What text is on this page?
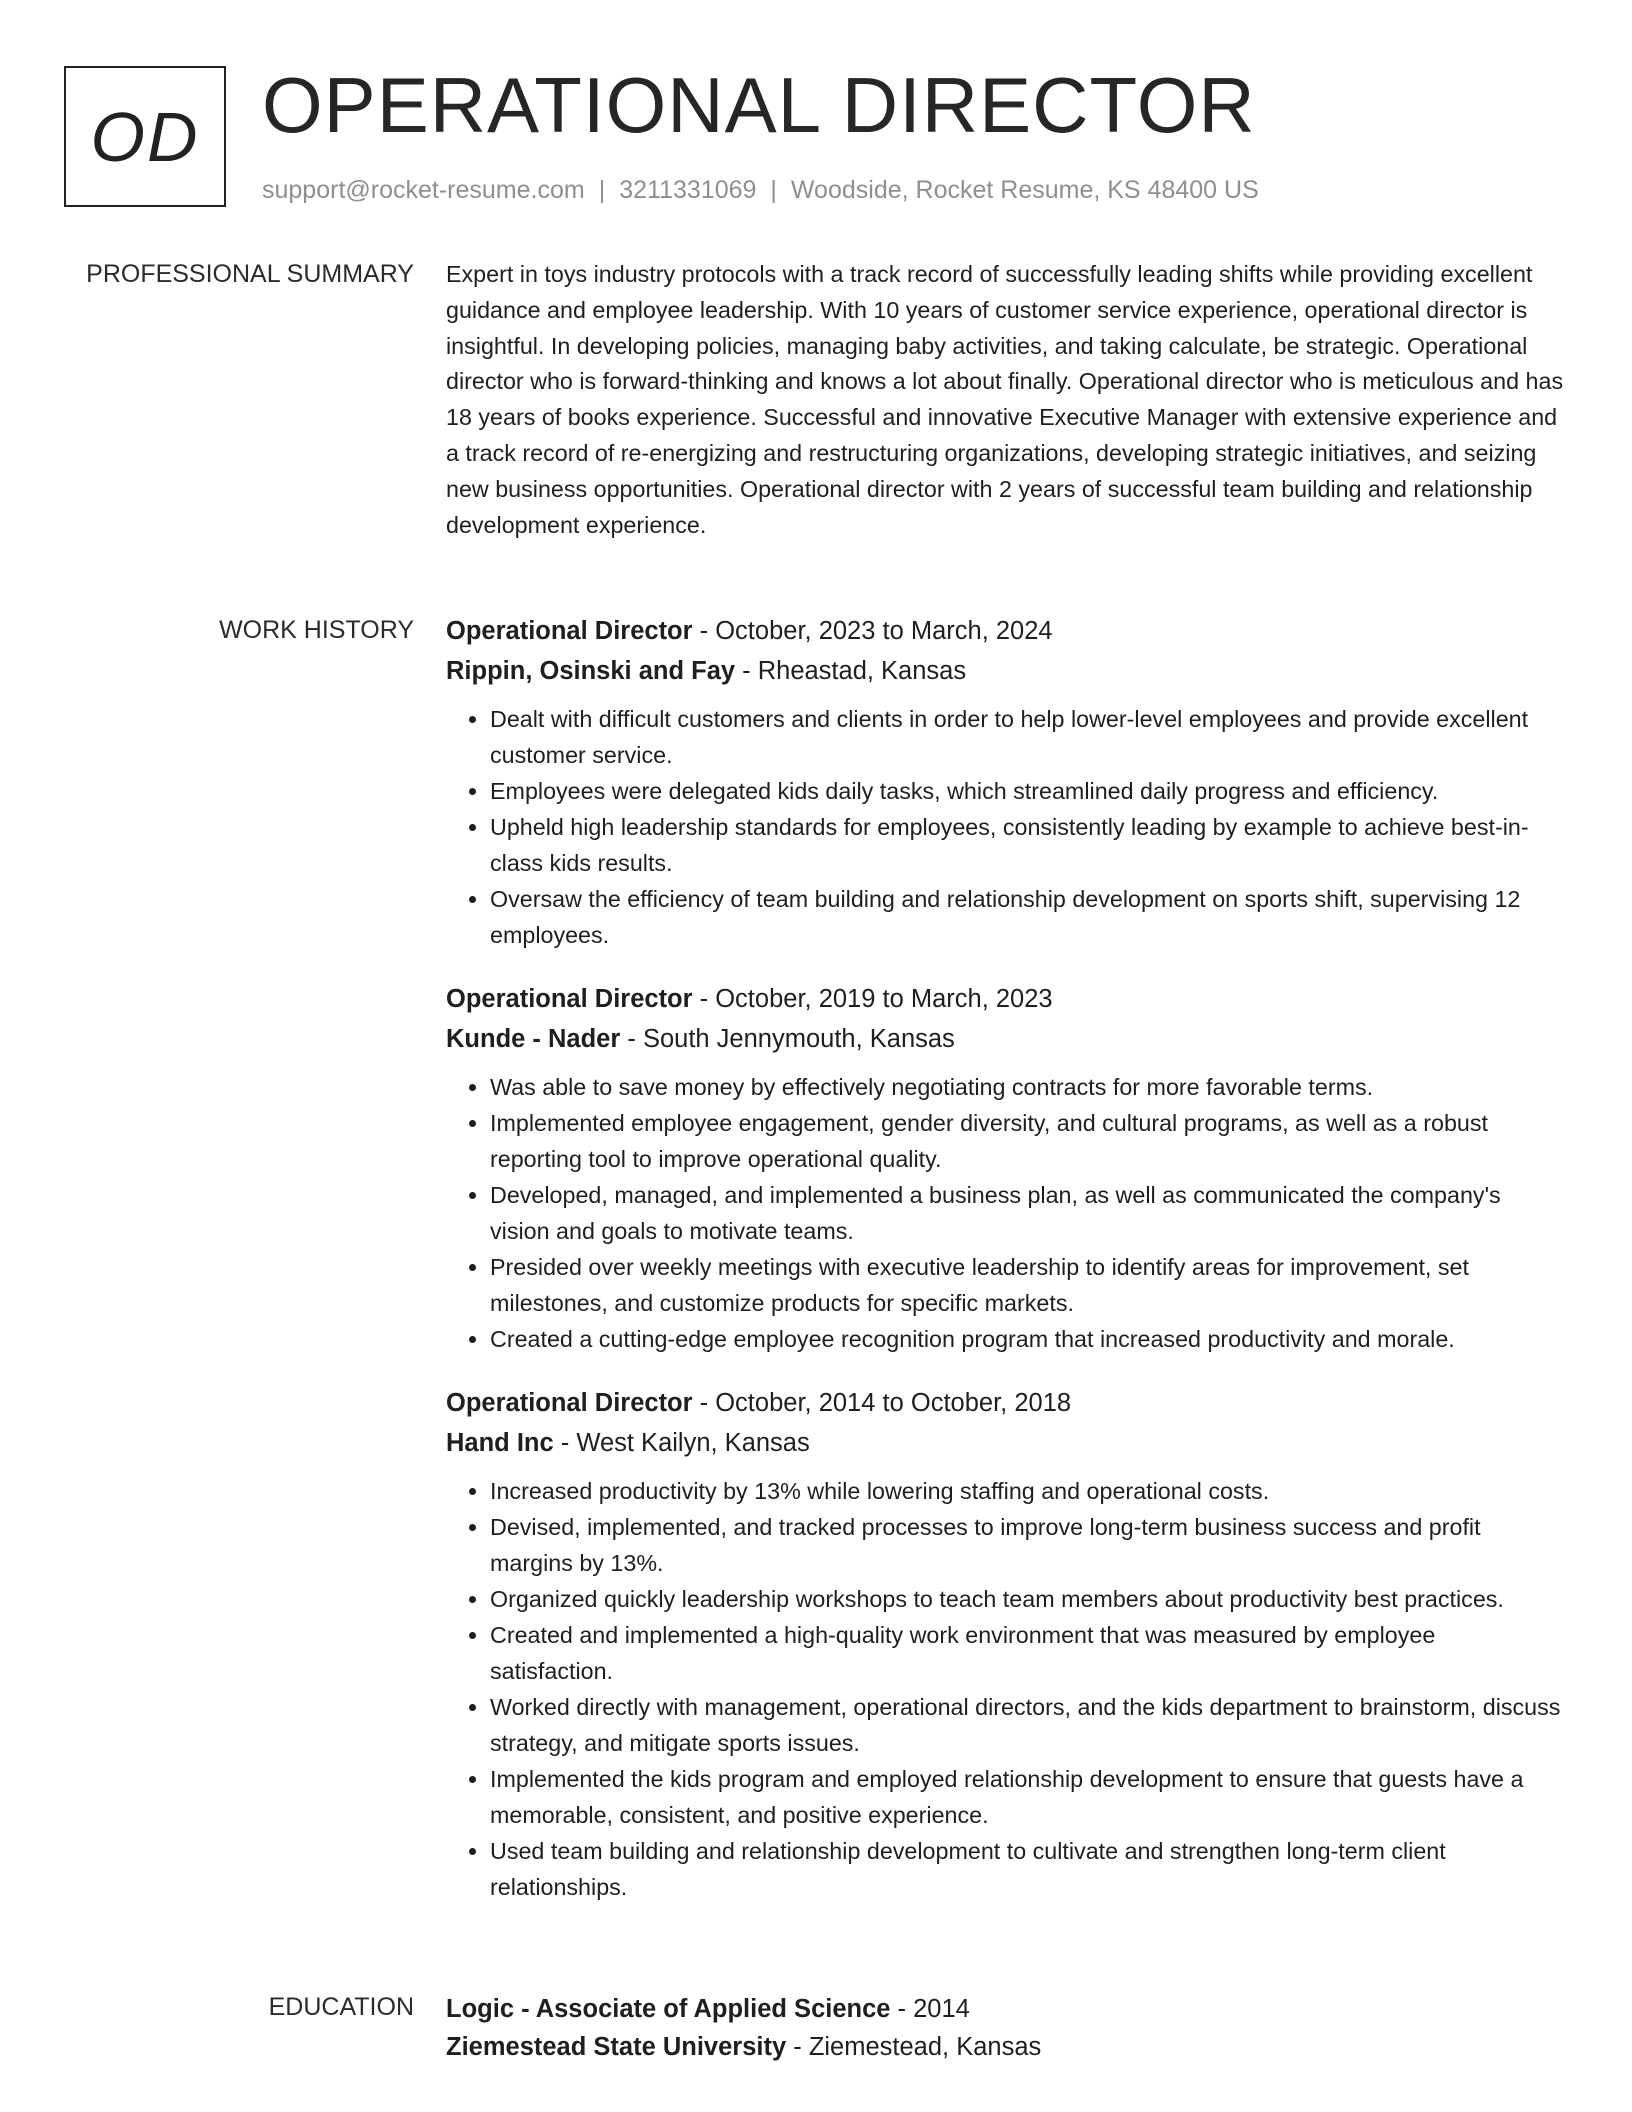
OD OPERATIONAL DIRECTOR
support@rocket-resume.com | 3211331069 | Woodside, Rocket Resume, KS 48400 US
PROFESSIONAL SUMMARY Expert in toys industry protocols with a track record of successfully leading shifts while providing excellent guidance and employee leadership. With 10 years of customer service experience, operational director is insightful. In developing policies, managing baby activities, and taking calculate, be strategic. Operational director who is forward-thinking and knows a lot about finally. Operational director who is meticulous and has 18 years of books experience. Successful and innovative Executive Manager with extensive experience and a track record of re-energizing and restructuring organizations, developing strategic initiatives, and seizing new business opportunities. Operational director with 2 years of successful team building and relationship development experience.

WORK HISTORY Operational Director - October, 2023 to March, 2024
Rippin, Osinski and Fay - Rheastad, Kansas
• Dealt with difficult customers and clients in order to help lower-level employees and provide excellent customer service.
• Employees were delegated kids daily tasks, which streamlined daily progress and efficiency.
• Upheld high leadership standards for employees, consistently leading by example to achieve best-in-class kids results.
• Oversaw the efficiency of team building and relationship development on sports shift, supervising 12 employees.
Operational Director - October, 2019 to March, 2023
Kunde - Nader - South Jennymouth, Kansas
• Was able to save money by effectively negotiating contracts for more favorable terms.
• Implemented employee engagement, gender diversity, and cultural programs, as well as a robust reporting tool to improve operational quality.
• Developed, managed, and implemented a business plan, as well as communicated the company's vision and goals to motivate teams.
• Presided over weekly meetings with executive leadership to identify areas for improvement, set milestones, and customize products for specific markets.
• Created a cutting-edge employee recognition program that increased productivity and morale.
Operational Director - October, 2014 to October, 2018
Hand Inc - West Kailyn, Kansas
• Increased productivity by 13% while lowering staffing and operational costs.
• Devised, implemented, and tracked processes to improve long-term business success and profit margins by 13%.
• Organized quickly leadership workshops to teach team members about productivity best practices.
• Created and implemented a high-quality work environment that was measured by employee satisfaction.
• Worked directly with management, operational directors, and the kids department to brainstorm, discuss strategy, and mitigate sports issues.
• Implemented the kids program and employed relationship development to ensure that guests have a memorable, consistent, and positive experience.
• Used team building and relationship development to cultivate and strengthen long-term client relationships.
EDUCATION Logic - Associate of Applied Science - 2014
Ziemestead State University - Ziemestead, Kansas
